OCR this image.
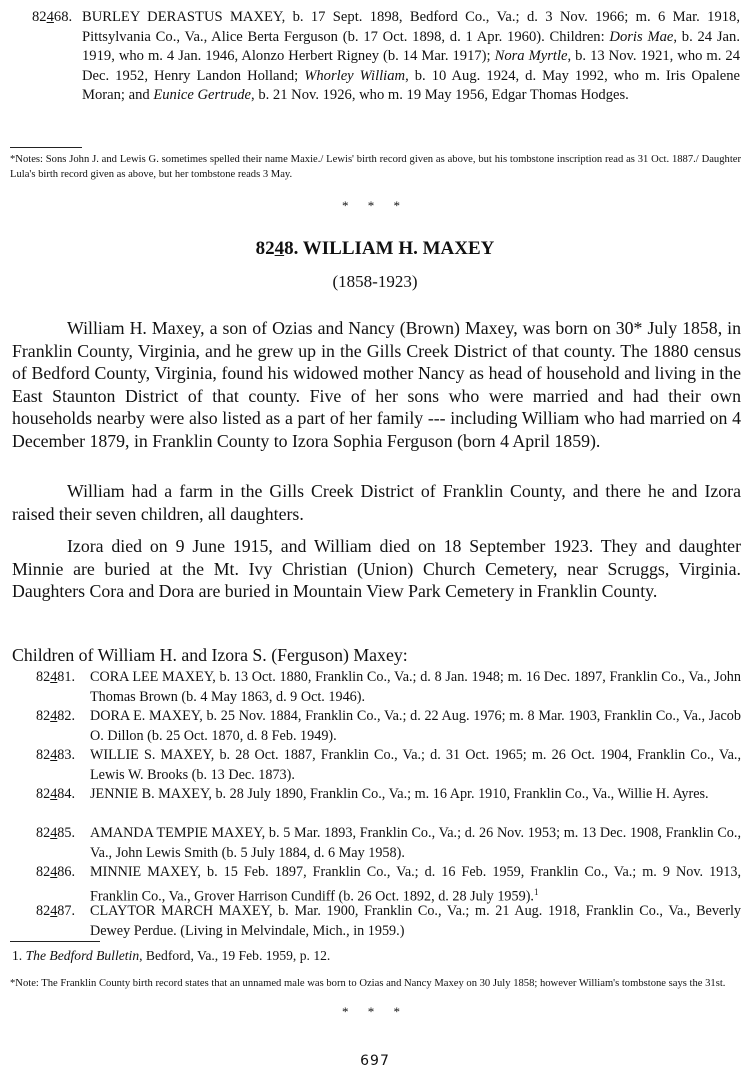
82468. BURLEY DERASTUS MAXEY, b. 17 Sept. 1898, Bedford Co., Va.; d. 3 Nov. 1966; m. 6 Mar. 1918, Pittsylvania Co., Va., Alice Berta Ferguson (b. 17 Oct. 1898, d. 1 Apr. 1960). Children: Doris Mae, b. 24 Jan. 1919, who m. 4 Jan. 1946, Alonzo Herbert Rigney (b. 14 Mar. 1917); Nora Myrtle, b. 13 Nov. 1921, who m. 24 Dec. 1952, Henry Landon Holland; Whorley William, b. 10 Aug. 1924, d. May 1992, who m. Iris Opalene Moran; and Eunice Gertrude, b. 21 Nov. 1926, who m. 19 May 1956, Edgar Thomas Hodges.
*Notes: Sons John J. and Lewis G. sometimes spelled their name Maxie./ Lewis' birth record given as above, but his tombstone inscription read as 31 Oct. 1887./ Daughter Lula's birth record given as above, but her tombstone reads 3 May.
* * *
8248. WILLIAM H. MAXEY
(1858-1923)
William H. Maxey, a son of Ozias and Nancy (Brown) Maxey, was born on 30* July 1858, in Franklin County, Virginia, and he grew up in the Gills Creek District of that county. The 1880 census of Bedford County, Virginia, found his widowed mother Nancy as head of household and living in the East Staunton District of that county. Five of her sons who were married and had their own households nearby were also listed as a part of her family --- including William who had married on 4 December 1879, in Franklin County to Izora Sophia Ferguson (born 4 April 1859).
William had a farm in the Gills Creek District of Franklin County, and there he and Izora raised their seven children, all daughters.
Izora died on 9 June 1915, and William died on 18 September 1923. They and daughter Minnie are buried at the Mt. Ivy Christian (Union) Church Cemetery, near Scruggs, Virginia. Daughters Cora and Dora are buried in Mountain View Park Cemetery in Franklin County.
Children of William H. and Izora S. (Ferguson) Maxey:
82481. CORA LEE MAXEY, b. 13 Oct. 1880, Franklin Co., Va.; d. 8 Jan. 1948; m. 16 Dec. 1897, Franklin Co., Va., John Thomas Brown (b. 4 May 1863, d. 9 Oct. 1946).
82482. DORA E. MAXEY, b. 25 Nov. 1884, Franklin Co., Va.; d. 22 Aug. 1976; m. 8 Mar. 1903, Franklin Co., Va., Jacob O. Dillon (b. 25 Oct. 1870, d. 8 Feb. 1949).
82483. WILLIE S. MAXEY, b. 28 Oct. 1887, Franklin Co., Va.; d. 31 Oct. 1965; m. 26 Oct. 1904, Franklin Co., Va., Lewis W. Brooks (b. 13 Dec. 1873).
82484. JENNIE B. MAXEY, b. 28 July 1890, Franklin Co., Va.; m. 16 Apr. 1910, Franklin Co., Va., Willie H. Ayres.
82485. AMANDA TEMPIE MAXEY, b. 5 Mar. 1893, Franklin Co., Va.; d. 26 Nov. 1953; m. 13 Dec. 1908, Franklin Co., Va., John Lewis Smith (b. 5 July 1884, d. 6 May 1958).
82486. MINNIE MAXEY, b. 15 Feb. 1897, Franklin Co., Va.; d. 16 Feb. 1959, Franklin Co., Va.; m. 9 Nov. 1913, Franklin Co., Va., Grover Harrison Cundiff (b. 26 Oct. 1892, d. 28 July 1959).$^1$
82487. CLAYTOR MARCH MAXEY, b. Mar. 1900, Franklin Co., Va.; m. 21 Aug. 1918, Franklin Co., Va., Beverly Dewey Perdue. (Living in Melvindale, Mich., in 1959.)
1. The Bedford Bulletin, Bedford, Va., 19 Feb. 1959, p. 12.
*Note: The Franklin County birth record states that an unnamed male was born to Ozias and Nancy Maxey on 30 July 1858; however William's tombstone says the 31st.
* * *
697
